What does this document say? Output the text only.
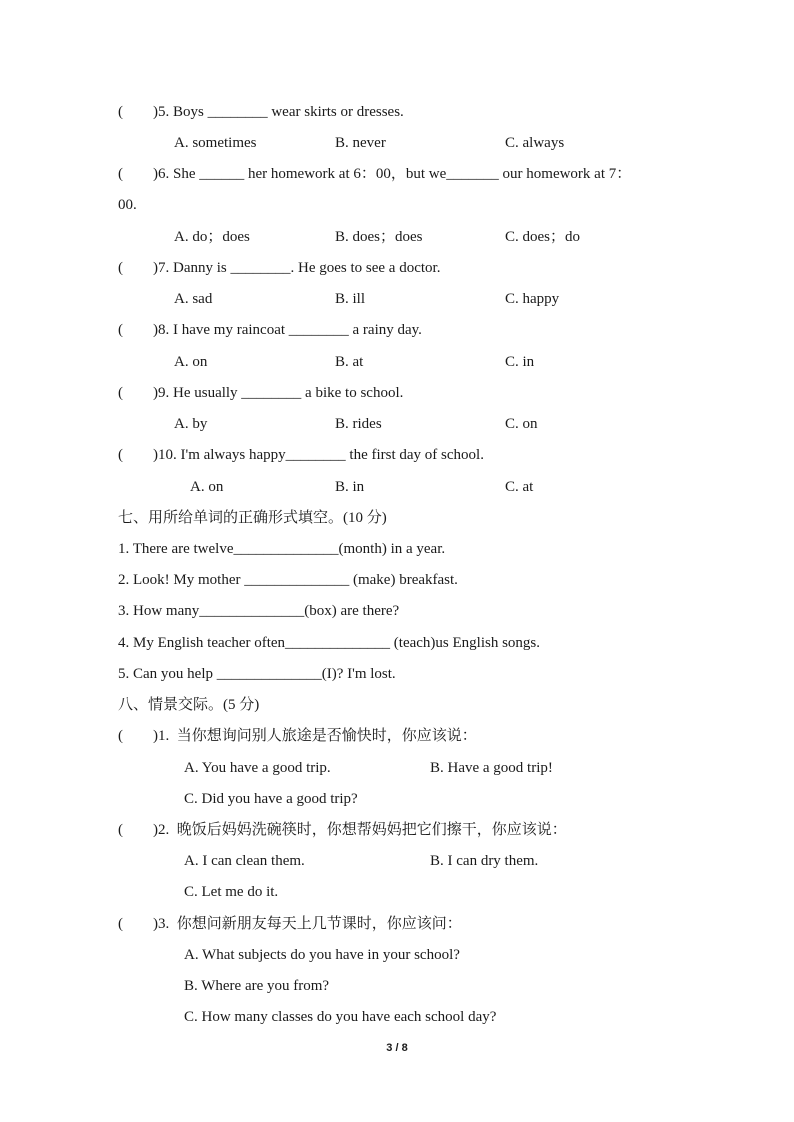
(        )5. Boys ________ wear skirts or dresses.
A. sometimes	B. never	C. always
(        )6. She ______ her homework at 6：00，but we_______ our homework at 7：
00.
A. do；does	B. does；does	C. does；do
(        )7. Danny is ________. He goes to see a doctor.
A. sad	B. ill	C. happy
(        )8. I have my raincoat ________ a rainy day.
A. on	B. at	C. in
(        )9. He usually ________ a bike to school.
A. by	B. rides	C. on
(        )10. I'm always happy________ the first day of school.
A. on	B. in	C. at
七、用所给单词的正确形式填空。(10 分)
1. There are twelve______________(month) in a year.
2. Look! My mother ______________ (make) breakfast.
3. How many______________(box) are there?
4. My English teacher often______________ (teach)us English songs.
5. Can you help ______________(I)? I'm lost.
八、情景交际。(5 分)
(        )1.  当你想询问别人旅途是否愉快时，你应该说：
A. You have a good trip.	B. Have a good trip!
C. Did you have a good trip?
(        )2.  晚饭后妈妈洗碗筷时，你想帮妈妈把它们擦干，你应该说：
A. I can clean them.	B. I can dry them.
C. Let me do it.
(        )3.  你想问新朋友每天上几节课时，你应该问：
A. What subjects do you have in your school?
B. Where are you from?
C. How many classes do you have each school day?
3 / 8
